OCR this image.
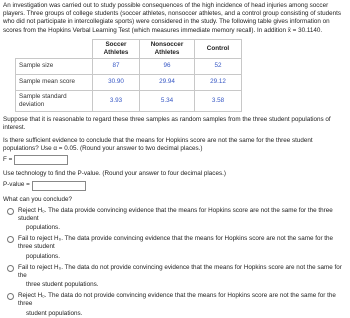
An investigation was carried out to study possible consequences of the high incidence of head injuries among soccer players. Three groups of college students (soccer athletes, nonsoccer athletes, and a control group consisting of students who did not participate in intercollegiate sports) were considered in the study. The following table gives information on scores from the Hopkins Verbal Learning Test (which measures immediate memory recall). In addition x̄ = 30.1140.

	Soccer Athletes	Nonsoccer Athletes	Control
Sample size	87	96	52
Sample mean score	30.90	29.94	29.12
Sample standard deviation	3.93	5.34	3.58

Suppose that it is reasonable to regard these three samples as random samples from the three student populations of interest.

Is there sufficient evidence to conclude that the means for Hopkins score are not the same for the three student populations? Use α = 0.05. (Round your answer to two decimal places.)

F =

Use technology to find the P-value. (Round your answer to four decimal places.)

P-value =

What can you conclude?

Reject H₀. The data provide convincing evidence that the means for Hopkins score are not the same for the three student
populations.
Fail to reject H₀. The data provide convincing evidence that the means for Hopkins score are not the same for the three student
populations.
Fail to reject H₀. The data do not provide convincing evidence that the means for Hopkins score are not the same for the
three student populations.
Reject H₀. The data do not provide convincing evidence that the means for Hopkins score are not the same for the three
student populations.
